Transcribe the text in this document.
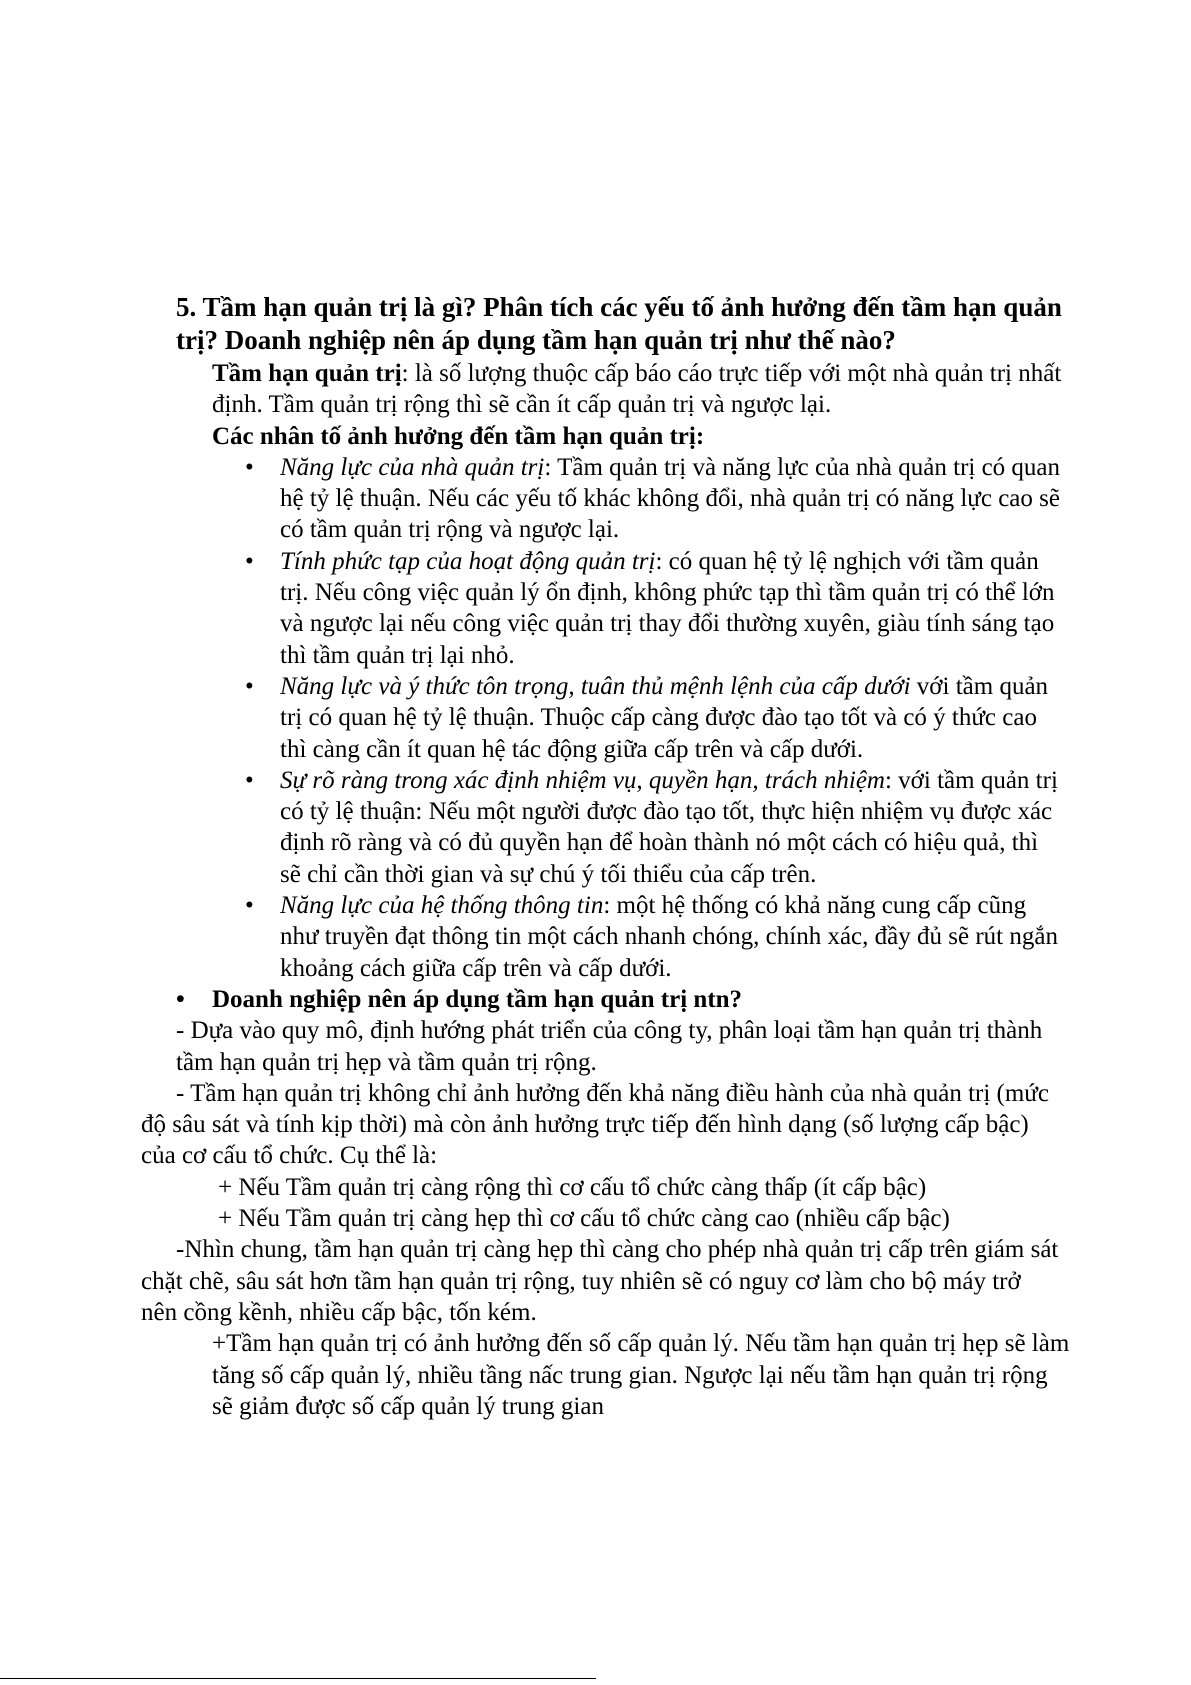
5. Tầm hạn quản trị là gì? Phân tích các yếu tố ảnh hưởng đến tầm hạn quản trị? Doanh nghiệp nên áp dụng tầm hạn quản trị như thế nào?

Tầm hạn quản trị: là số lượng thuộc cấp báo cáo trực tiếp với một nhà quản trị nhất định. Tầm quản trị rộng thì sẽ cần ít cấp quản trị và ngược lại.

Các nhân tố ảnh hưởng đến tầm hạn quản trị:

• Năng lực của nhà quản trị: Tầm quản trị và năng lực của nhà quản trị có quan hệ tỷ lệ thuận. Nếu các yếu tố khác không đổi, nhà quản trị có năng lực cao sẽ có tầm quản trị rộng và ngược lại.
• Tính phức tạp của hoạt động quản trị: có quan hệ tỷ lệ nghịch với tầm quản trị. Nếu công việc quản lý ổn định, không phức tạp thì tầm quản trị có thể lớn và ngược lại nếu công việc quản trị thay đổi thường xuyên, giàu tính sáng tạo thì tầm quản trị lại nhỏ.
• Năng lực và ý thức tôn trọng, tuân thủ mệnh lệnh của cấp dưới với tầm quản trị có quan hệ tỷ lệ thuận. Thuộc cấp càng được đào tạo tốt và có ý thức cao thì càng cần ít quan hệ tác động giữa cấp trên và cấp dưới.
• Sự rõ ràng trong xác định nhiệm vụ, quyền hạn, trách nhiệm: với tầm quản trị có tỷ lệ thuận: Nếu một người được đào tạo tốt, thực hiện nhiệm vụ được xác định rõ ràng và có đủ quyền hạn để hoàn thành nó một cách có hiệu quả, thì sẽ chỉ cần thời gian và sự chú ý tối thiểu của cấp trên.
• Năng lực của hệ thống thông tin: một hệ thống có khả năng cung cấp cũng như truyền đạt thông tin một cách nhanh chóng, chính xác, đầy đủ sẽ rút ngắn khoảng cách giữa cấp trên và cấp dưới.

• Doanh nghiệp nên áp dụng tầm hạn quản trị ntn?

- Dựa vào quy mô, định hướng phát triển của công ty, phân loại tầm hạn quản trị thành tầm hạn quản trị hẹp và tầm quản trị rộng.

- Tầm hạn quản trị không chỉ ảnh hưởng đến khả năng điều hành của nhà quản trị (mức độ sâu sát và tính kịp thời) mà còn ảnh hưởng trực tiếp đến hình dạng (số lượng cấp bậc) của cơ cấu tổ chức. Cụ thể là:

+ Nếu Tầm quản trị càng rộng thì cơ cấu tổ chức càng thấp (ít cấp bậc)

+ Nếu Tầm quản trị càng hẹp thì cơ cấu tổ chức càng cao (nhiều cấp bậc)

-Nhìn chung, tầm hạn quản trị càng hẹp thì càng cho phép nhà quản trị cấp trên giám sát chặt chẽ, sâu sát hơn tầm hạn quản trị rộng, tuy nhiên sẽ có nguy cơ làm cho bộ máy trở nên cồng kềnh, nhiều cấp bậc, tốn kém.

+Tầm hạn quản trị có ảnh hưởng đến số cấp quản lý. Nếu tầm hạn quản trị hẹp sẽ làm tăng số cấp quản lý, nhiều tầng nấc trung gian. Ngược lại nếu tầm hạn quản trị rộng sẽ giảm được số cấp quản lý trung gian
